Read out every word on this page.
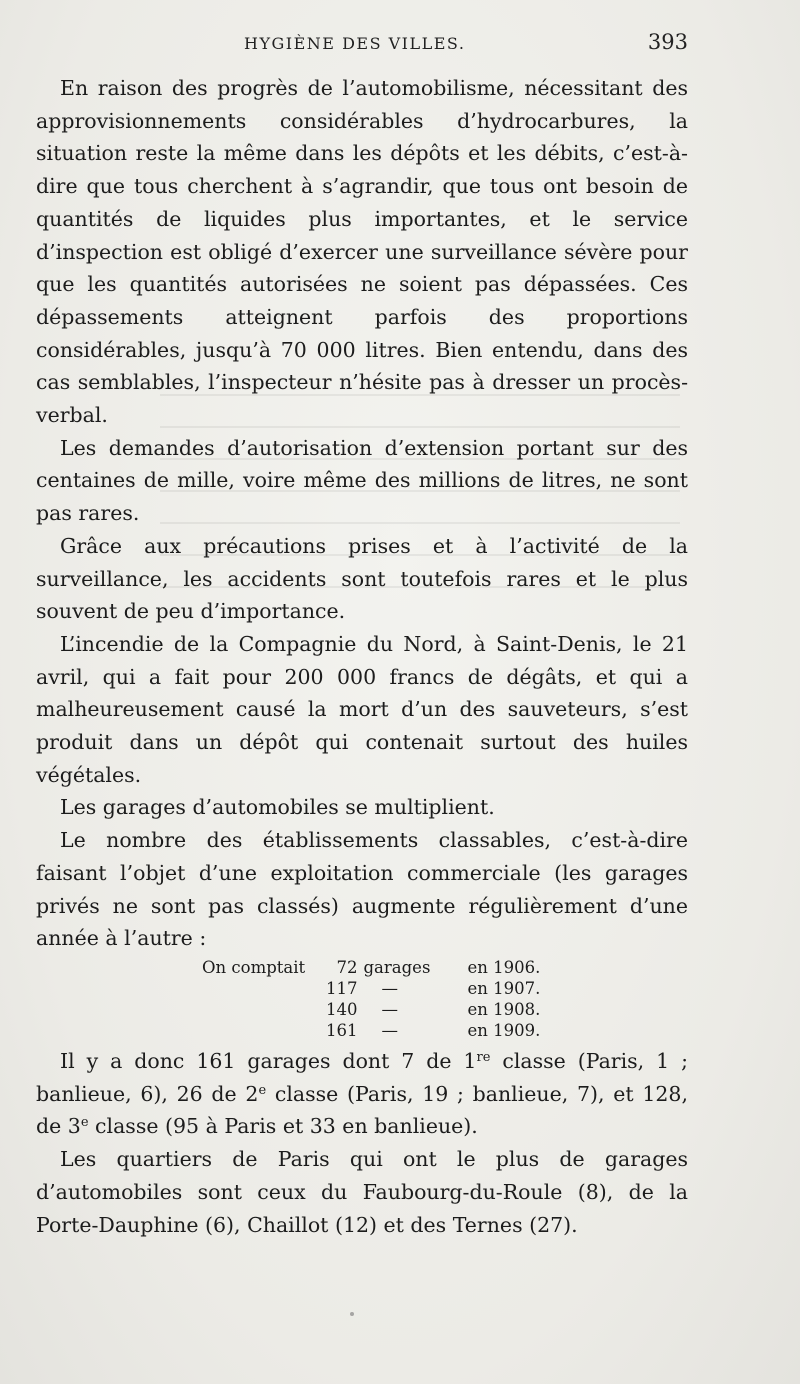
HYGIÈNE DES VILLES.	393

En raison des progrès de l’automobilisme, nécessitant des approvisionnements considérables d’hydrocarbures, la situation reste la même dans les dépôts et les débits, c’est-à-dire que tous cherchent à s’agrandir, que tous ont besoin de quantités de liquides plus importantes, et le service d’inspection est obligé d’exercer une surveillance sévère pour que les quantités autorisées ne soient pas dépassées. Ces dépassements atteignent parfois des proportions considérables, jusqu’à 70 000 litres. Bien entendu, dans des cas semblables, l’inspecteur n’hésite pas à dresser un procès-verbal.

Les demandes d’autorisation d’extension portant sur des centaines de mille, voire même des millions de litres, ne sont pas rares.

Grâce aux précautions prises et à l’activité de la surveillance, les accidents sont toutefois rares et le plus souvent de peu d’importance.

L’incendie de la Compagnie du Nord, à Saint-Denis, le 21 avril, qui a fait pour 200 000 francs de dégâts, et qui a malheureusement causé la mort d’un des sauveteurs, s’est produit dans un dépôt qui contenait surtout des huiles végétales.

Les garages d’automobiles se multiplient.

Le nombre des établissements classables, c’est-à-dire faisant l’objet d’une exploitation commerciale (les garages privés ne sont pas classés) augmente régulièrement d’une année à l’autre :

On comptait	72	garages	en 1906.
	117	—	en 1907.
	140	—	en 1908.
	161	—	en 1909.

Il y a donc 161 garages dont 7 de 1re classe (Paris, 1 ; banlieue, 6), 26 de 2e classe (Paris, 19 ; banlieue, 7), et 128, de 3e classe (95 à Paris et 33 en banlieue).

Les quartiers de Paris qui ont le plus de garages d’automobiles sont ceux du Faubourg-du-Roule (8), de la Porte-Dauphine (6), Chaillot (12) et des Ternes (27).
